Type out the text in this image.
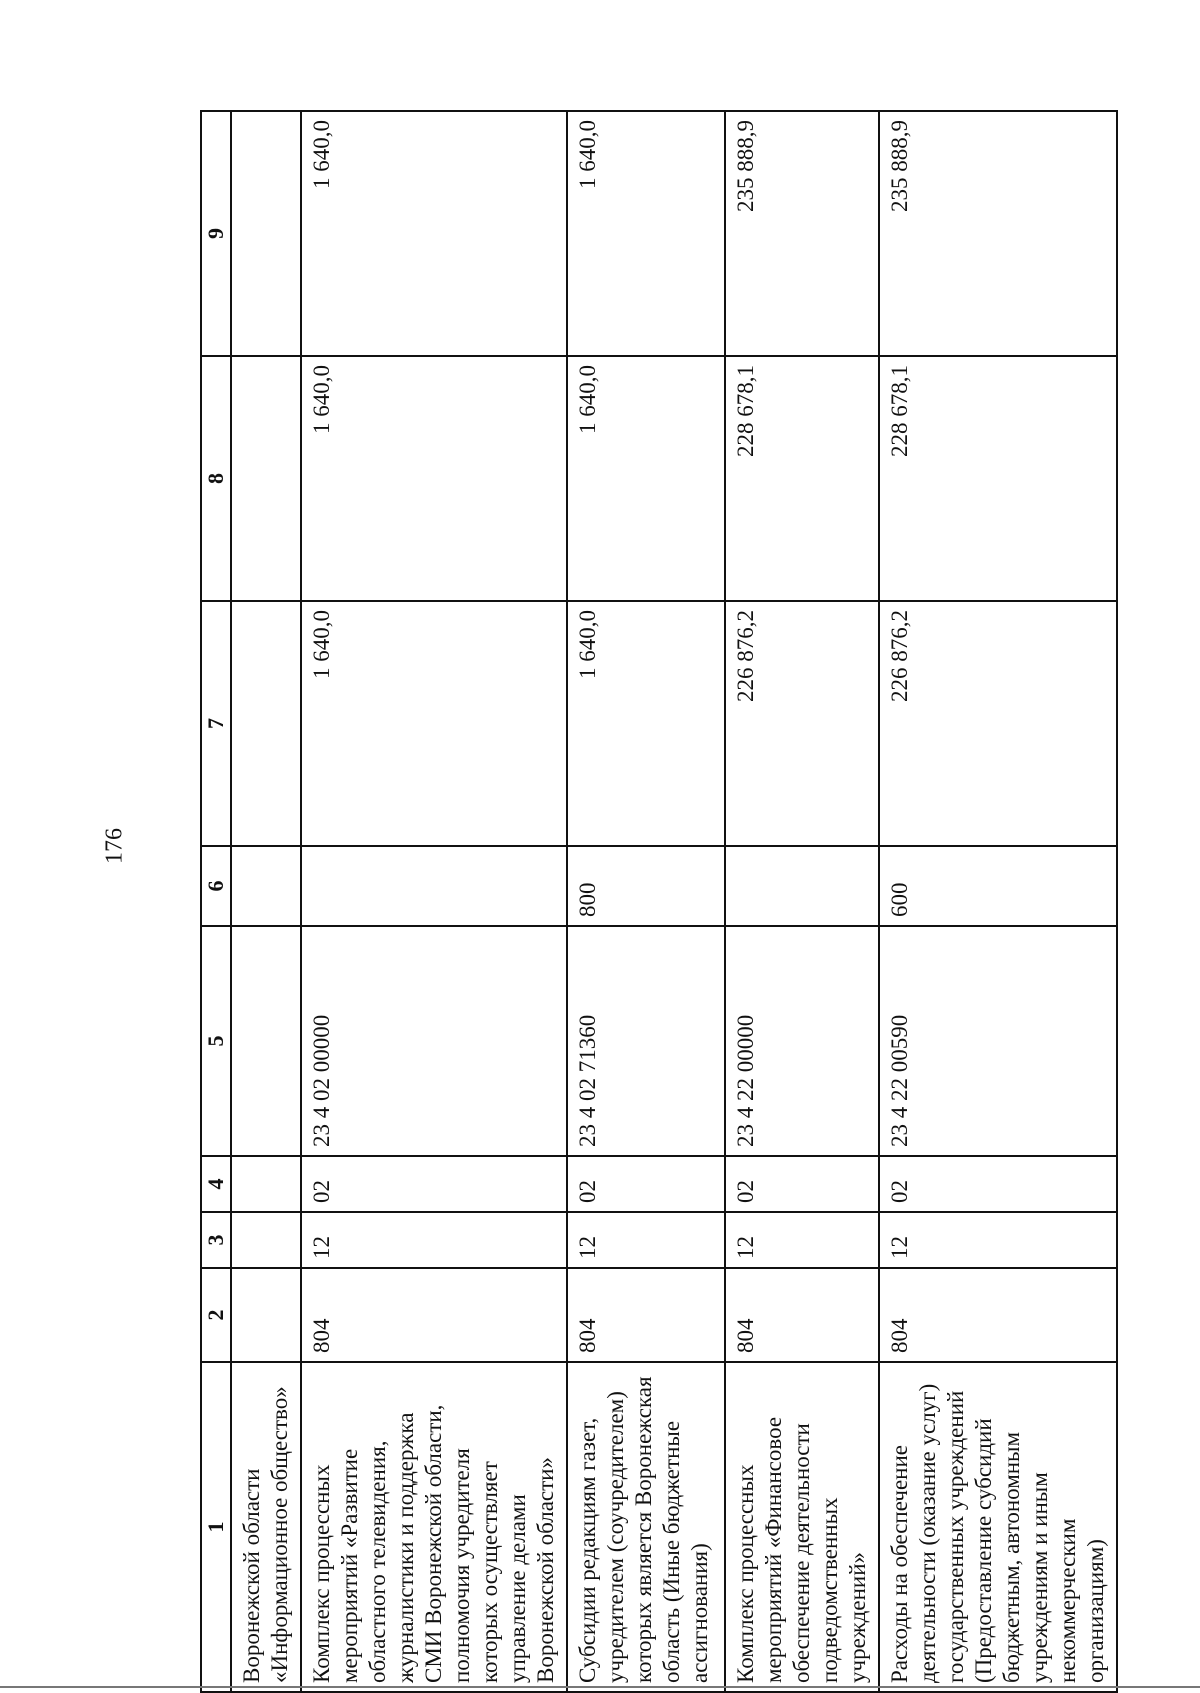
176
1	2	3	4	5	6	7	8	9
Воронежской области «Информационное общество»								
Комплекс процессных мероприятий «Развитие областного телевидения, журналистики и поддержка СМИ Воронежской области, полномочия учредителя которых осуществляет управление делами Воронежской области»	804	12	02	23 4 02 00000		1 640,0	1 640,0	1 640,0
Субсидии редакциям газет, учредителем (соучредителем) которых является Воронежская область (Иные бюджетные ассигнования)	804	12	02	23 4 02 71360	800	1 640,0	1 640,0	1 640,0
Комплекс процессных мероприятий «Финансовое обеспечение деятельности подведомственных учреждений»	804	12	02	23 4 22 00000		226 876,2	228 678,1	235 888,9
Расходы на обеспечение деятельности (оказание услуг) государственных учреждений (Предоставление субсидий бюджетным, автономным учреждениям и иным некоммерческим организациям)	804	12	02	23 4 22 00590	600	226 876,2	228 678,1	235 888,9
